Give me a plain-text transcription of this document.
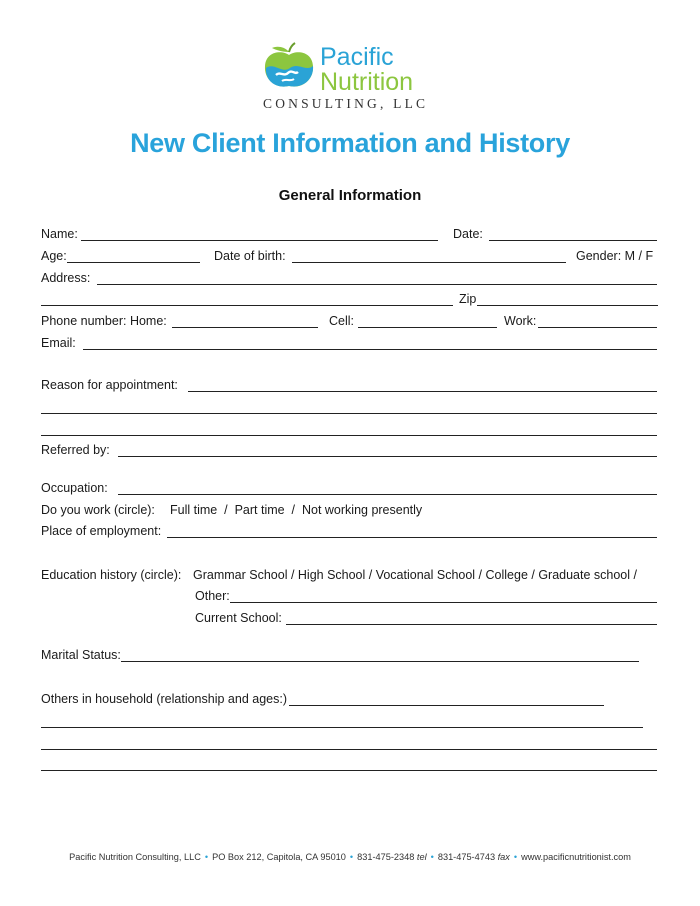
Pacific
Nutrition
CONSULTING, LLC
New Client Information and History
General Information
Name:	Date:
Age:	Date of birth:	Gender: M / F
Address:
Zip
Phone number: Home:	Cell:	Work:
Email:
Reason for appointment:
Referred by:
Occupation:
Do you work (circle): Full time  /  Part time  /  Not working presently
Place of employment:
Education history (circle): Grammar School / High School / Vocational School / College / Graduate school /
Other:
Current School:
Marital Status:
Others in household (relationship and ages:)
Pacific Nutrition Consulting, LLC • PO Box 212, Capitola, CA 95010 • 831-475-2348 tel • 831-475-4743 fax • www.pacificnutritionist.com
